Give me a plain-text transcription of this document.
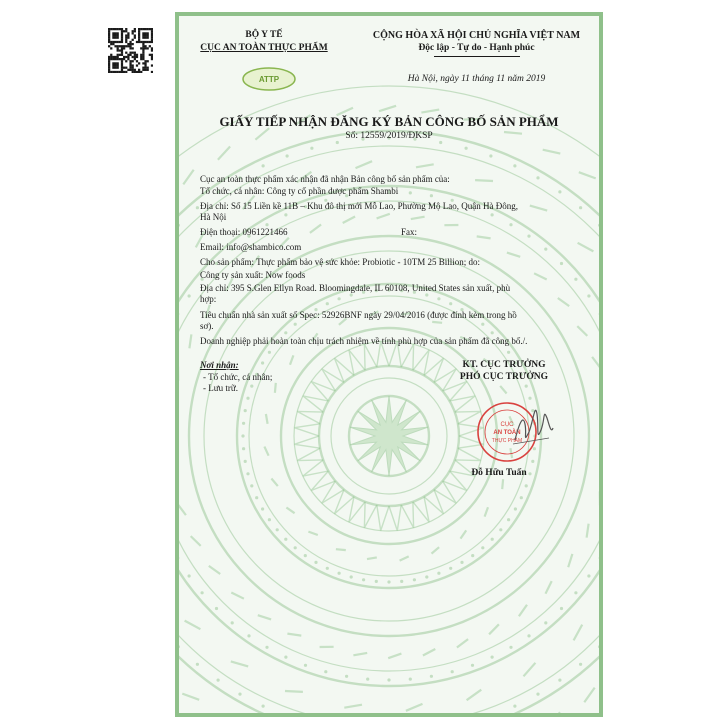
BỘ Y TẾ
CỤC AN TOÀN THỰC PHẨM
ATTP
CỘNG HÒA XÃ HỘI CHỦ NGHĨA VIỆT NAM
Độc lập - Tự do - Hạnh phúc
Hà Nội, ngày 11 tháng 11 năm 2019
GIẤY TIẾP NHẬN ĐĂNG KÝ BẢN CÔNG BỐ SẢN PHẨM
Số: 12559/2019/ĐKSP
Cục an toàn thực phẩm xác nhận đã nhận Bản công bố sản phẩm của:
Tổ chức, cá nhân: Công ty cổ phần dược phẩm Shambi
Địa chỉ: Số 15 Liền kề 11B – Khu đô thị mới Mỗ Lao, Phường Mộ Lao, Quận Hà Đông,
Hà Nội
Điện thoại: 0961221466	Fax:
Email: info@shambico.com
Cho sản phẩm: Thực phẩm bảo vệ sức khỏe: Probiotic - 10TM 25 Billion; do:
Công ty sản xuất: Now foods
Địa chỉ: 395 S.Glen Ellyn Road. Bloomingdale, IL 60108, United States sản xuất, phù
hợp:
Tiêu chuẩn nhà sản xuất số Spec: 52926BNF ngày 29/04/2016 (được đính kèm trong hồ
sơ).
Doanh nghiệp phải hoàn toàn chịu trách nhiệm về tính phù hợp của sản phẩm đã công bố./.
Nơi nhận:
- Tổ chức, cá nhân;
- Lưu trữ.
KT. CỤC TRƯỞNG
PHÓ CỤC TRƯỞNG
CỤC
AN TOÀN
THỰC PHẨM
Đỗ Hữu Tuấn
